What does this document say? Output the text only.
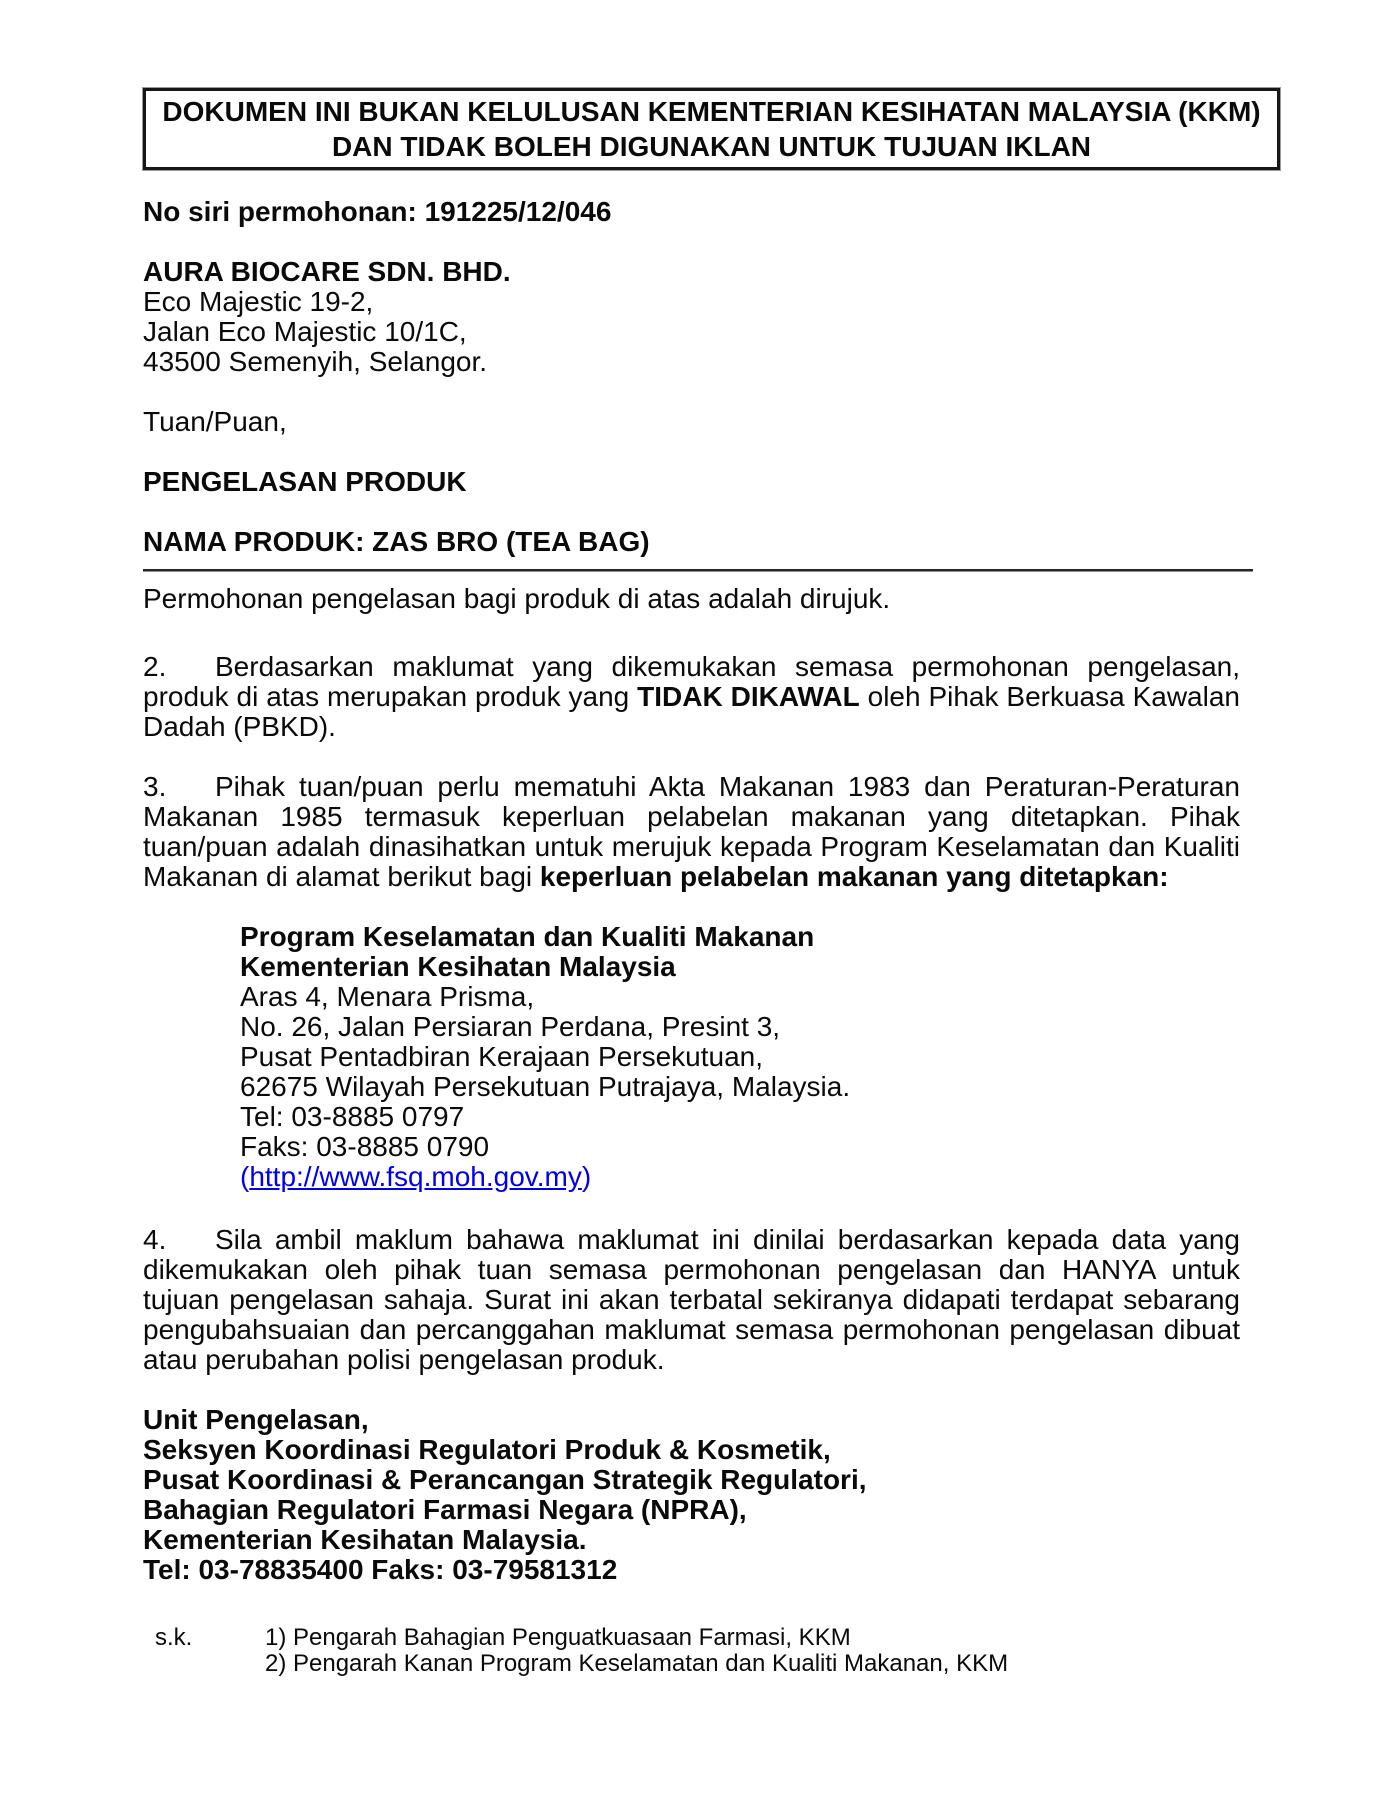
DOKUMEN INI BUKAN KELULUSAN KEMENTERIAN KESIHATAN MALAYSIA (KKM)
DAN TIDAK BOLEH DIGUNAKAN UNTUK TUJUAN IKLAN

No siri permohonan: 191225/12/046

AURA BIOCARE SDN. BHD.

Eco Majestic 19-2,

Jalan Eco Majestic 10/1C,

43500 Semenyih, Selangor.

Tuan/Puan,

PENGELASAN PRODUK

NAMA PRODUK: ZAS BRO (TEA BAG)

Permohonan pengelasan bagi produk di atas adalah dirujuk.

2. Berdasarkan maklumat yang dikemukakan semasa permohonan pengelasan, produk di atas merupakan produk yang TIDAK DIKAWAL oleh Pihak Berkuasa Kawalan Dadah (PBKD).

3. Pihak tuan/puan perlu mematuhi Akta Makanan 1983 dan Peraturan-Peraturan Makanan 1985 termasuk keperluan pelabelan makanan yang ditetapkan. Pihak tuan/puan adalah dinasihatkan untuk merujuk kepada Program Keselamatan dan Kualiti Makanan di alamat berikut bagi keperluan pelabelan makanan yang ditetapkan:

Program Keselamatan dan Kualiti Makanan

Kementerian Kesihatan Malaysia

Aras 4, Menara Prisma,

No. 26, Jalan Persiaran Perdana, Presint 3,

Pusat Pentadbiran Kerajaan Persekutuan,

62675 Wilayah Persekutuan Putrajaya, Malaysia.

Tel: 03-8885 0797

Faks: 03-8885 0790

(http://www.fsq.moh.gov.my)

4. Sila ambil maklum bahawa maklumat ini dinilai berdasarkan kepada data yang dikemukakan oleh pihak tuan semasa permohonan pengelasan dan HANYA untuk tujuan pengelasan sahaja. Surat ini akan terbatal sekiranya didapati terdapat sebarang pengubahsuaian dan percanggahan maklumat semasa permohonan pengelasan dibuat atau perubahan polisi pengelasan produk.

Unit Pengelasan,

Seksyen Koordinasi Regulatori Produk & Kosmetik,

Pusat Koordinasi & Perancangan Strategik Regulatori,

Bahagian Regulatori Farmasi Negara (NPRA),

Kementerian Kesihatan Malaysia.

Tel: 03-78835400 Faks: 03-79581312

s.k.	1) Pengarah Bahagian Penguatkuasaan Farmasi, KKM

2) Pengarah Kanan Program Keselamatan dan Kualiti Makanan, KKM
